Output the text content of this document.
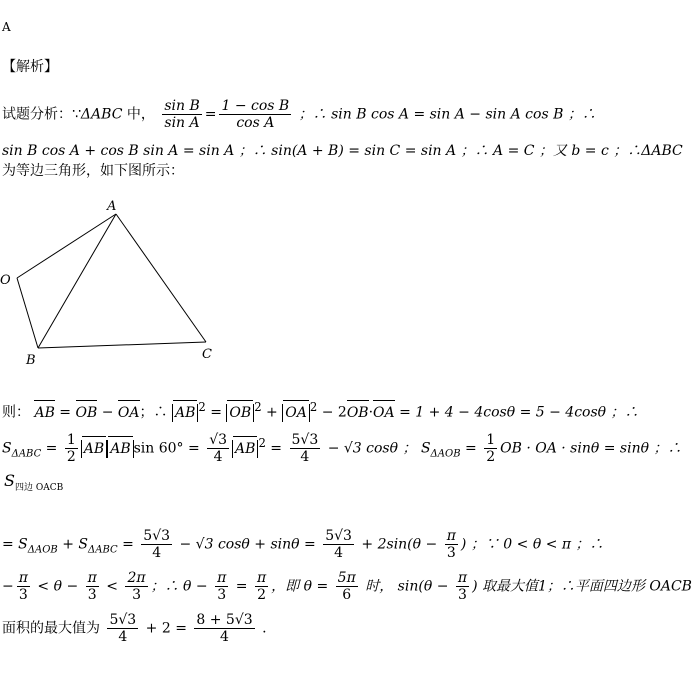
A
【解析】
试题分析：∵ΔABC 中， $\frac{\text{sin B}}{\text{sin A}} = \frac{\text{1 − cos B}}{\text{cos A}}$ ；∴ sin B cos A = sin A − sin A cos B ；∴
sin B cos A + cos B sin A = sin A ；∴ sin(A + B) = sin C = sin A ；∴ A = C ；又 b = c ；∴ΔABC
为等边三角形，如下图所示：
A
O
B	C
则： AB = OB − OA；∴ AB $^2$ = OB $^2$ + OA $^2$ − 2OB·OA = 1 + 4 − 4cosθ = 5 − 4cosθ ；∴
$S_{\Delta ABC} = \frac{1}{2}$ AB AB $\sin 60^\circ = \frac{√3}{4}$ AB $^2 = \frac{5√3}{4} - √3$ cosθ ； $S_{\Delta AOB} = \frac{1}{2}$ OB · OA · sinθ = sinθ ；∴
$S_{四边 OACB}$
= $S_{\Delta AOB} + S_{\Delta ABC} = \frac{5√3}{4} - √3$ $\cos\theta + \sin\theta = \frac{5√3}{4} + 2\sin(\theta - \frac{\pi}{3}$ ) ；∵ 0 < θ < π ；∴
− $\frac{\pi}{3} < \theta - \frac{\pi}{3} < \frac{2\pi}{3}$ ；∴ $\theta - \frac{\pi}{3} = \frac{\pi}{2}$ ，即 $\theta = \frac{5\pi}{6}$ 时， $\sin(\theta - \frac{\pi}{3}$ ) 取最大值1；∴平面四边形 OACB
面积的最大值为 $\frac{5√3}{4} + 2 = \frac{8 + 5√3}{4}$ .
